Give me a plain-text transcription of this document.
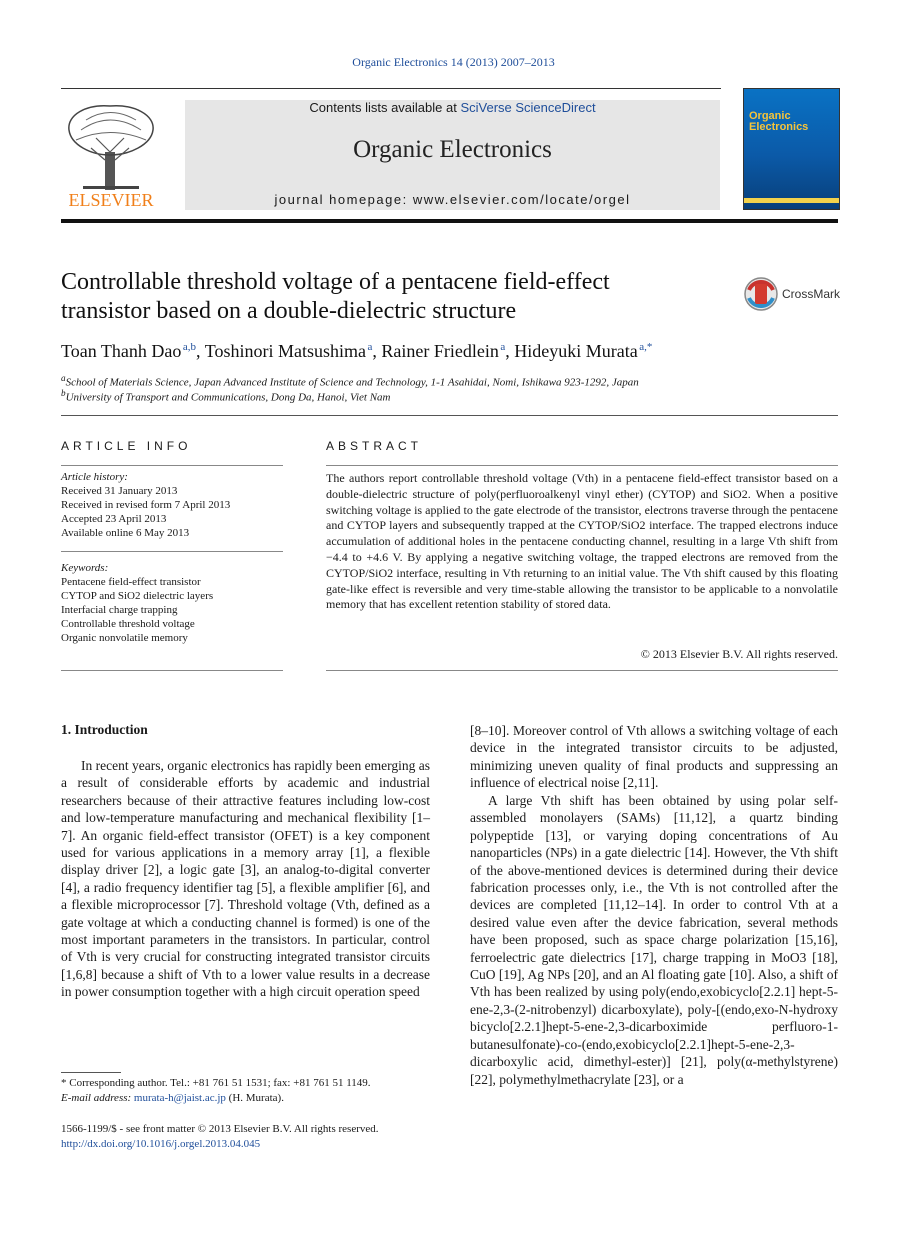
Organic Electronics 14 (2013) 2007–2013
ELSEVIER
Contents lists available at SciVerse ScienceDirect
Organic Electronics
journal homepage: www.elsevier.com/locate/orgel
Organic
Electronics
Controllable threshold voltage of a pentacene field-effect transistor based on a double-dielectric structure
CrossMark
Toan Thanh Dao  $^{a,b}$, Toshinori Matsushima  $^a$, Rainer Friedlein  $^a$, Hideyuki Murata  $^{a,*}$
$^a$School of Materials Science, Japan Advanced Institute of Science and Technology, 1-1 Asahidai, Nomi, Ishikawa 923-1292, Japan
$^b$University of Transport and Communications, Dong Da, Hanoi, Viet Nam
ARTICLE INFO
Article history:
Received 31 January 2013
Received in revised form 7 April 2013
Accepted 23 April 2013
Available online 6 May 2013
Keywords:
Pentacene field-effect transistor
CYTOP and SiO2 dielectric layers
Interfacial charge trapping
Controllable threshold voltage
Organic nonvolatile memory
ABSTRACT
The authors report controllable threshold voltage (Vth) in a pentacene field-effect transistor based on a double-dielectric structure of poly(perfluoroalkenyl vinyl ether) (CYTOP) and SiO2. When a positive switching voltage is applied to the gate electrode of the transistor, electrons traverse through the pentacene and CYTOP layers and subsequently trapped at the CYTOP/SiO2 interface. The trapped electrons induce accumulation of additional holes in the pentacene conducting channel, resulting in a large Vth shift from −4.4 to +4.6 V. By applying a negative switching voltage, the trapped electrons are removed from the CYTOP/SiO2 interface, resulting in Vth returning to an initial value. The Vth shift caused by this floating gate-like effect is reversible and very time-stable allowing the transistor to be applicable to a nonvolatile memory that has excellent retention stability of stored data.
© 2013 Elsevier B.V. All rights reserved.
1. Introduction
In recent years, organic electronics has rapidly been emerging as a result of considerable efforts by academic and industrial researchers because of their attractive features including low-cost and low-temperature manufacturing and mechanical flexibility [1–7]. An organic field-effect transistor (OFET) is a key component used for various applications in a memory array [1], a flexible display driver [2], a logic gate [3], an analog-to-digital converter [4], a radio frequency identifier tag [5], a flexible amplifier [6], and a flexible microprocessor [7]. Threshold voltage (Vth, defined as a gate voltage at which a conducting channel is formed) is one of the most important parameters in the transistors. In particular, control of Vth is very crucial for constructing integrated transistor circuits [1,6,8] because a shift of Vth to a lower value results in a decrease in power consumption together with a high circuit operation speed
[8–10]. Moreover control of Vth allows a switching voltage of each device in the integrated transistor circuits to be adjusted, minimizing uneven quality of final products and suppressing an influence of electrical noise [2,11].
A large Vth shift has been obtained by using polar self-assembled monolayers (SAMs) [11,12], a quartz binding polypeptide [13], or varying doping concentrations of Au nanoparticles (NPs) in a gate dielectric [14]. However, the Vth shift of the above-mentioned devices is determined during their device fabrication processes only, i.e., the Vth is not controlled after the devices are completed [11,12–14]. In order to control Vth at a desired value even after the device fabrication, several methods have been proposed, such as space charge polarization [15,16], ferroelectric gate dielectrics [17], charge trapping in MoO3 [18], CuO [19], Ag NPs [20], and an Al floating gate [10]. Also, a shift of Vth has been realized by using poly(endo,exobicyclo[2.2.1] hept-5-ene-2,3-(2-nitrobenzyl) dicarboxylate), poly-[(endo,exo-N-hydroxy bicyclo[2.2.1]hept-5-ene-2,3-dicarboximide perfluoro-1-butanesulfonate)-co-(endo,exobicyclo[2.2.1]hept-5-ene-2,3-dicarboxylic acid, dimethyl-ester)] [21], poly(α-methylstyrene) [22], polymethylmethacrylate [23], or a
* Corresponding author. Tel.: +81 761 51 1531; fax: +81 761 51 1149.
E-mail address: murata-h@jaist.ac.jp (H. Murata).
1566-1199/$ - see front matter © 2013 Elsevier B.V. All rights reserved.
http://dx.doi.org/10.1016/j.orgel.2013.04.045
